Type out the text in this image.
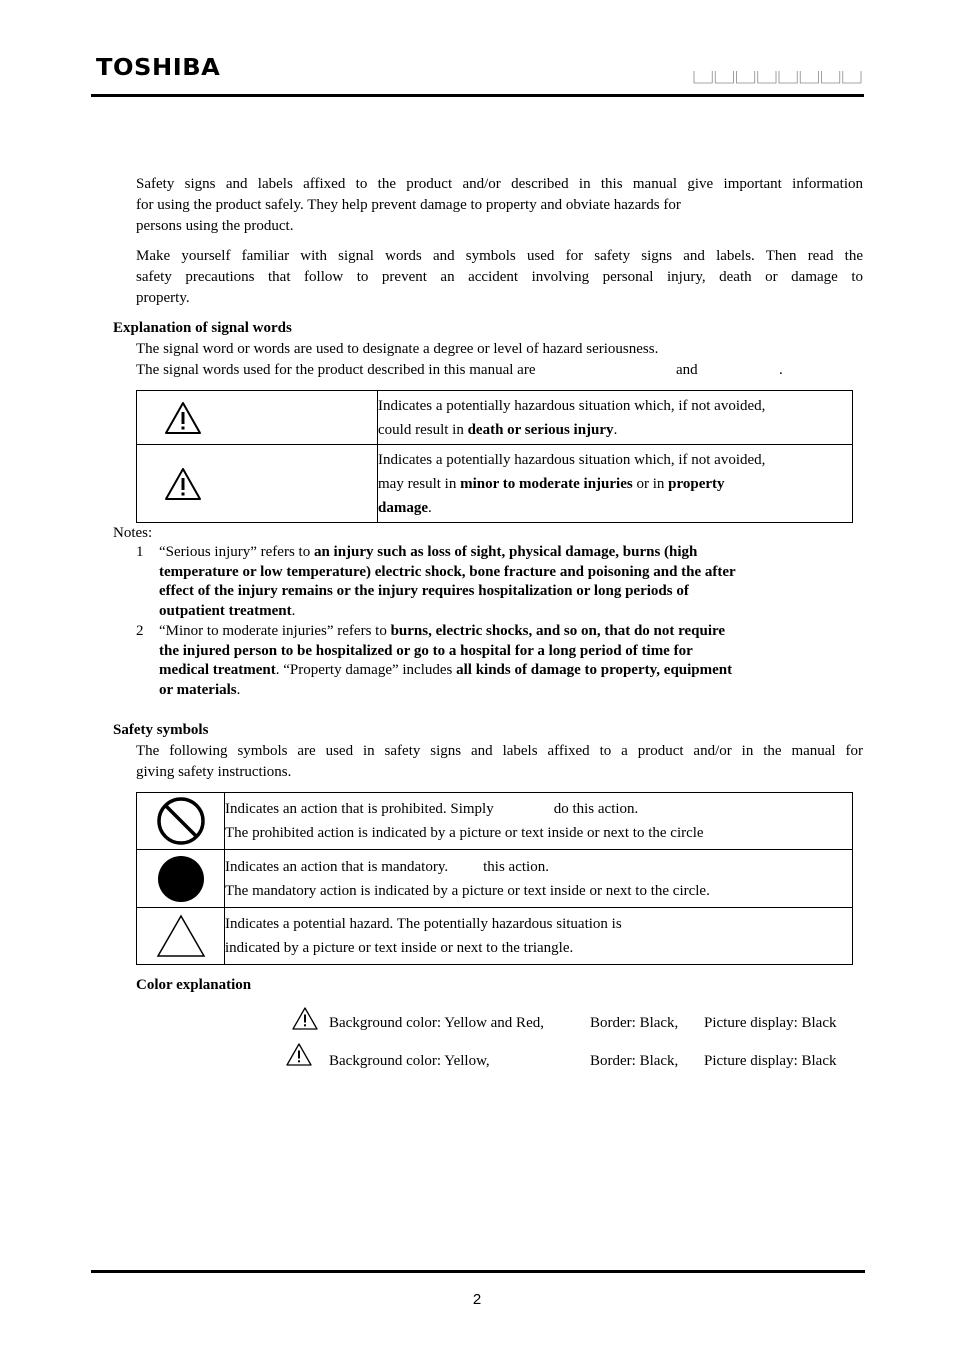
TOSHIBA
Safety signs and labels affixed to the product and/or described in this manual give important information
for using the product safely. They help prevent damage to property and obviate hazards for
persons using the product.
Make yourself familiar with signal words and symbols used for safety signs and labels. Then read the
safety precautions that follow to prevent an accident involving personal injury, death or damage to
property.
Explanation of signal words
The signal word or words are used to designate a degree or level of hazard seriousness.
The signal words used for the product described in this manual are	and	.

Indicates a potentially hazardous situation which, if not avoided,
could result in death or serious injury.

Indicates a potentially hazardous situation which, if not avoided,
may result in minor to moderate injuries or in property
damage.
Notes:
1 “Serious injury” refers to an injury such as loss of sight, physical damage, burns (high
temperature or low temperature) electric shock, bone fracture and poisoning and the after
effect of the injury remains or the injury requires hospitalization or long periods of
outpatient treatment.
2 “Minor to moderate injuries” refers to burns, electric shocks, and so on, that do not require
the injured person to be hospitalized or go to a hospital for a long period of time for
medical treatment. “Property damage” includes all kinds of damage to property, equipment
or materials.
Safety symbols
The following symbols are used in safety signs and labels affixed to a product and/or in the manual for
giving safety instructions.

Indicates an action that is prohibited. Simply do this action.
The prohibited action is indicated by a picture or text inside or next to the circle

Indicates an action that is mandatory. this action.
The mandatory action is indicated by a picture or text inside or next to the circle.

Indicates a potential hazard. The potentially hazardous situation is
indicated by a picture or text inside or next to the triangle.
Color explanation
Background color: Yellow and Red,	Border: Black, Picture display: Black
Background color: Yellow,	Border: Black, Picture display: Black
2
